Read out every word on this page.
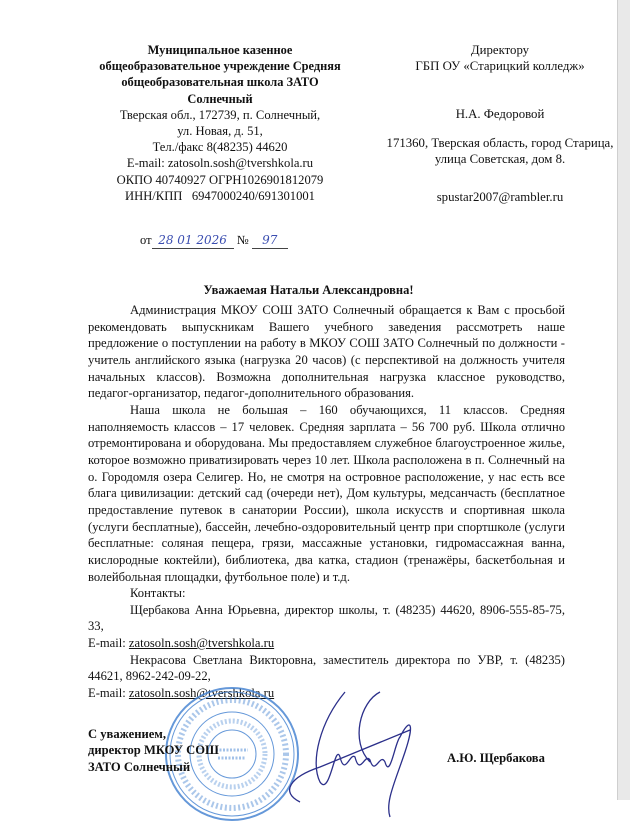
Муниципальное казенное
общеобразовательное учреждение Средняя
общеобразовательная школа ЗАТО
Солнечный
Тверская обл., 172739, п. Солнечный,
ул. Новая, д. 51,
Тел./факс 8(48235) 44620
E-mail: zatosoln.sosh@tvershkola.ru
ОКПО 40740927 ОГРН1026901812079
ИНН/КПП   6947000240/691301001
Директору
ГБП ОУ «Старицкий колледж»
Н.А. Федоровой
171360, Тверская область, город Старица,
улица Советская, дом 8.
spustar2007@rambler.ru
от 28 01 2026 № 97
Уважаемая Натальи Александровна!

Администрация МКОУ СОШ ЗАТО Солнечный обращается к Вам с просьбой рекомендовать выпускникам Вашего учебного заведения рассмотреть наше предложение о поступлении на работу в МКОУ СОШ ЗАТО Солнечный по должности - учитель английского языка (нагрузка 20 часов) (с перспективой на должность учителя начальных классов). Возможна дополнительная нагрузка классное руководство, педагог-организатор, педагог-дополнительного образования.

Наша школа не большая – 160 обучающихся, 11 классов. Средняя наполняемость классов – 17 человек. Средняя зарплата – 56 700 руб. Школа отлично отремонтирована и оборудована. Мы предоставляем служебное благоустроенное жилье, которое возможно приватизировать через 10 лет. Школа расположена в п. Солнечный на о. Городомля озера Селигер. Но, не смотря на островное расположение, у нас есть все блага цивилизации: детский сад (очереди нет), Дом культуры, медсанчасть (бесплатное предоставление путевок в санатории России), школа искусств и спортивная школа (услуги бесплатные), бассейн, лечебно-оздоровительный центр при спортшколе (услуги бесплатные: соляная пещера, грязи, массажные установки, гидромассажная ванна, кислородные коктейли), библиотека, два катка, стадион (тренажёры, баскетбольная и волейбольная площадки, футбольное поле) и т.д.

Контакты:

Щербакова Анна Юрьевна, директор школы, т. (48235) 44620, 8906-555-85-75, 33,

E-mail: zatosoln.sosh@tvershkola.ru

Некрасова Светлана Викторовна, заместитель директора по УВР, т. (48235) 44621, 8962-242-09-22,

E-mail: zatosoln.sosh@tvershkola.ru

С уважением,
директор МКОУ СОШ
ЗАТО Солнечный
А.Ю. Щербакова
